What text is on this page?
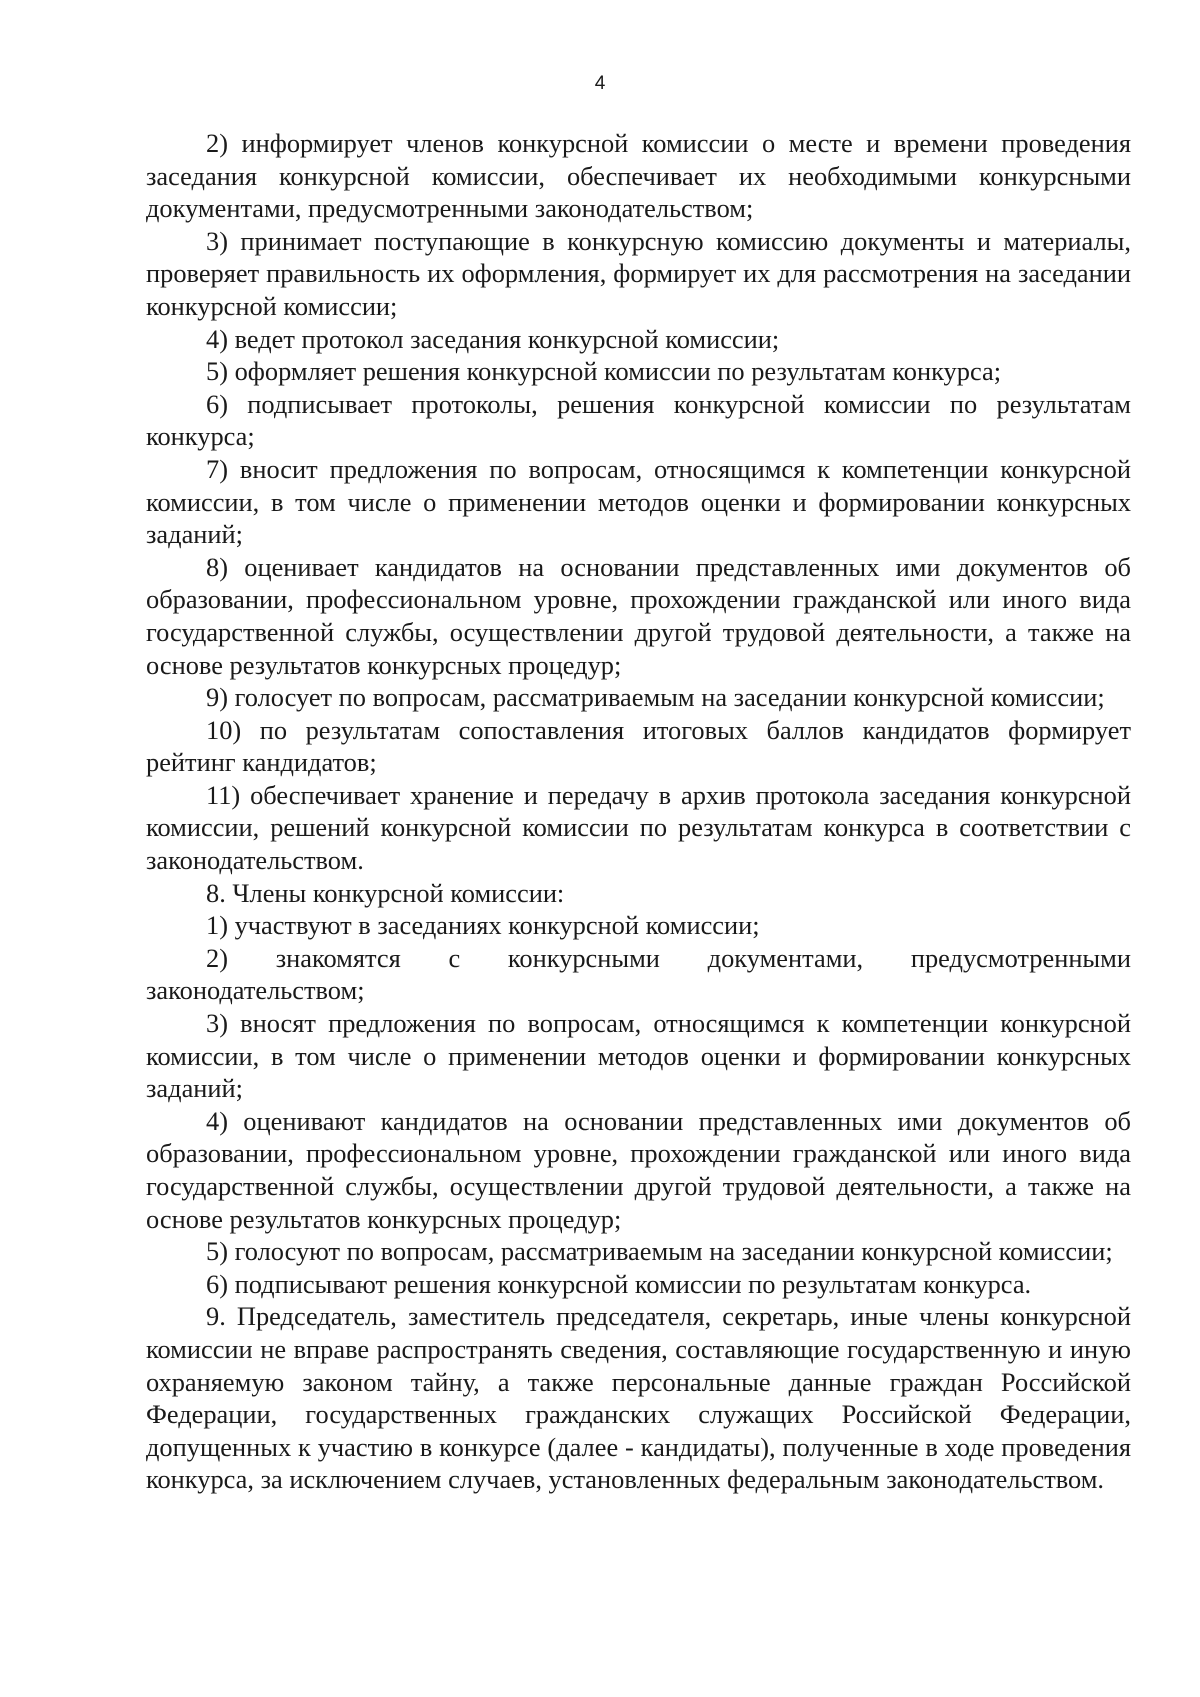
4

2) информирует членов конкурсной комиссии о месте и времени проведения заседания конкурсной комиссии, обеспечивает их необходимыми конкурсными документами, предусмотренными законодательством;

3) принимает поступающие в конкурсную комиссию документы и материалы, проверяет правильность их оформления, формирует их для рассмотрения на заседании конкурсной комиссии;

4) ведет протокол заседания конкурсной комиссии;

5) оформляет решения конкурсной комиссии по результатам конкурса;

6) подписывает протоколы, решения конкурсной комиссии по результатам конкурса;

7) вносит предложения по вопросам, относящимся к компетенции конкурсной комиссии, в том числе о применении методов оценки и формировании конкурсных заданий;

8) оценивает кандидатов на основании представленных ими документов об образовании, профессиональном уровне, прохождении гражданской или иного вида государственной службы, осуществлении другой трудовой деятельности, а также на основе результатов конкурсных процедур;

9) голосует по вопросам, рассматриваемым на заседании конкурсной комиссии;

10) по результатам сопоставления итоговых баллов кандидатов формирует рейтинг кандидатов;

11) обеспечивает хранение и передачу в архив протокола заседания конкурсной комиссии, решений конкурсной комиссии по результатам конкурса в соответствии с законодательством.

8. Члены конкурсной комиссии:

1) участвуют в заседаниях конкурсной комиссии;

2) знакомятся с конкурсными документами, предусмотренными законодательством;

3) вносят предложения по вопросам, относящимся к компетенции конкурсной комиссии, в том числе о применении методов оценки и формировании конкурсных заданий;

4) оценивают кандидатов на основании представленных ими документов об образовании, профессиональном уровне, прохождении гражданской или иного вида государственной службы, осуществлении другой трудовой деятельности, а также на основе результатов конкурсных процедур;

5) голосуют по вопросам, рассматриваемым на заседании конкурсной комиссии;

6) подписывают решения конкурсной комиссии по результатам конкурса.

9. Председатель, заместитель председателя, секретарь, иные члены конкурсной комиссии не вправе распространять сведения, составляющие государственную и иную охраняемую законом тайну, а также персональные данные граждан Российской Федерации, государственных гражданских служащих Российской Федерации, допущенных к участию в конкурсе (далее - кандидаты), полученные в ходе проведения конкурса, за исключением случаев, установленных федеральным законодательством.
